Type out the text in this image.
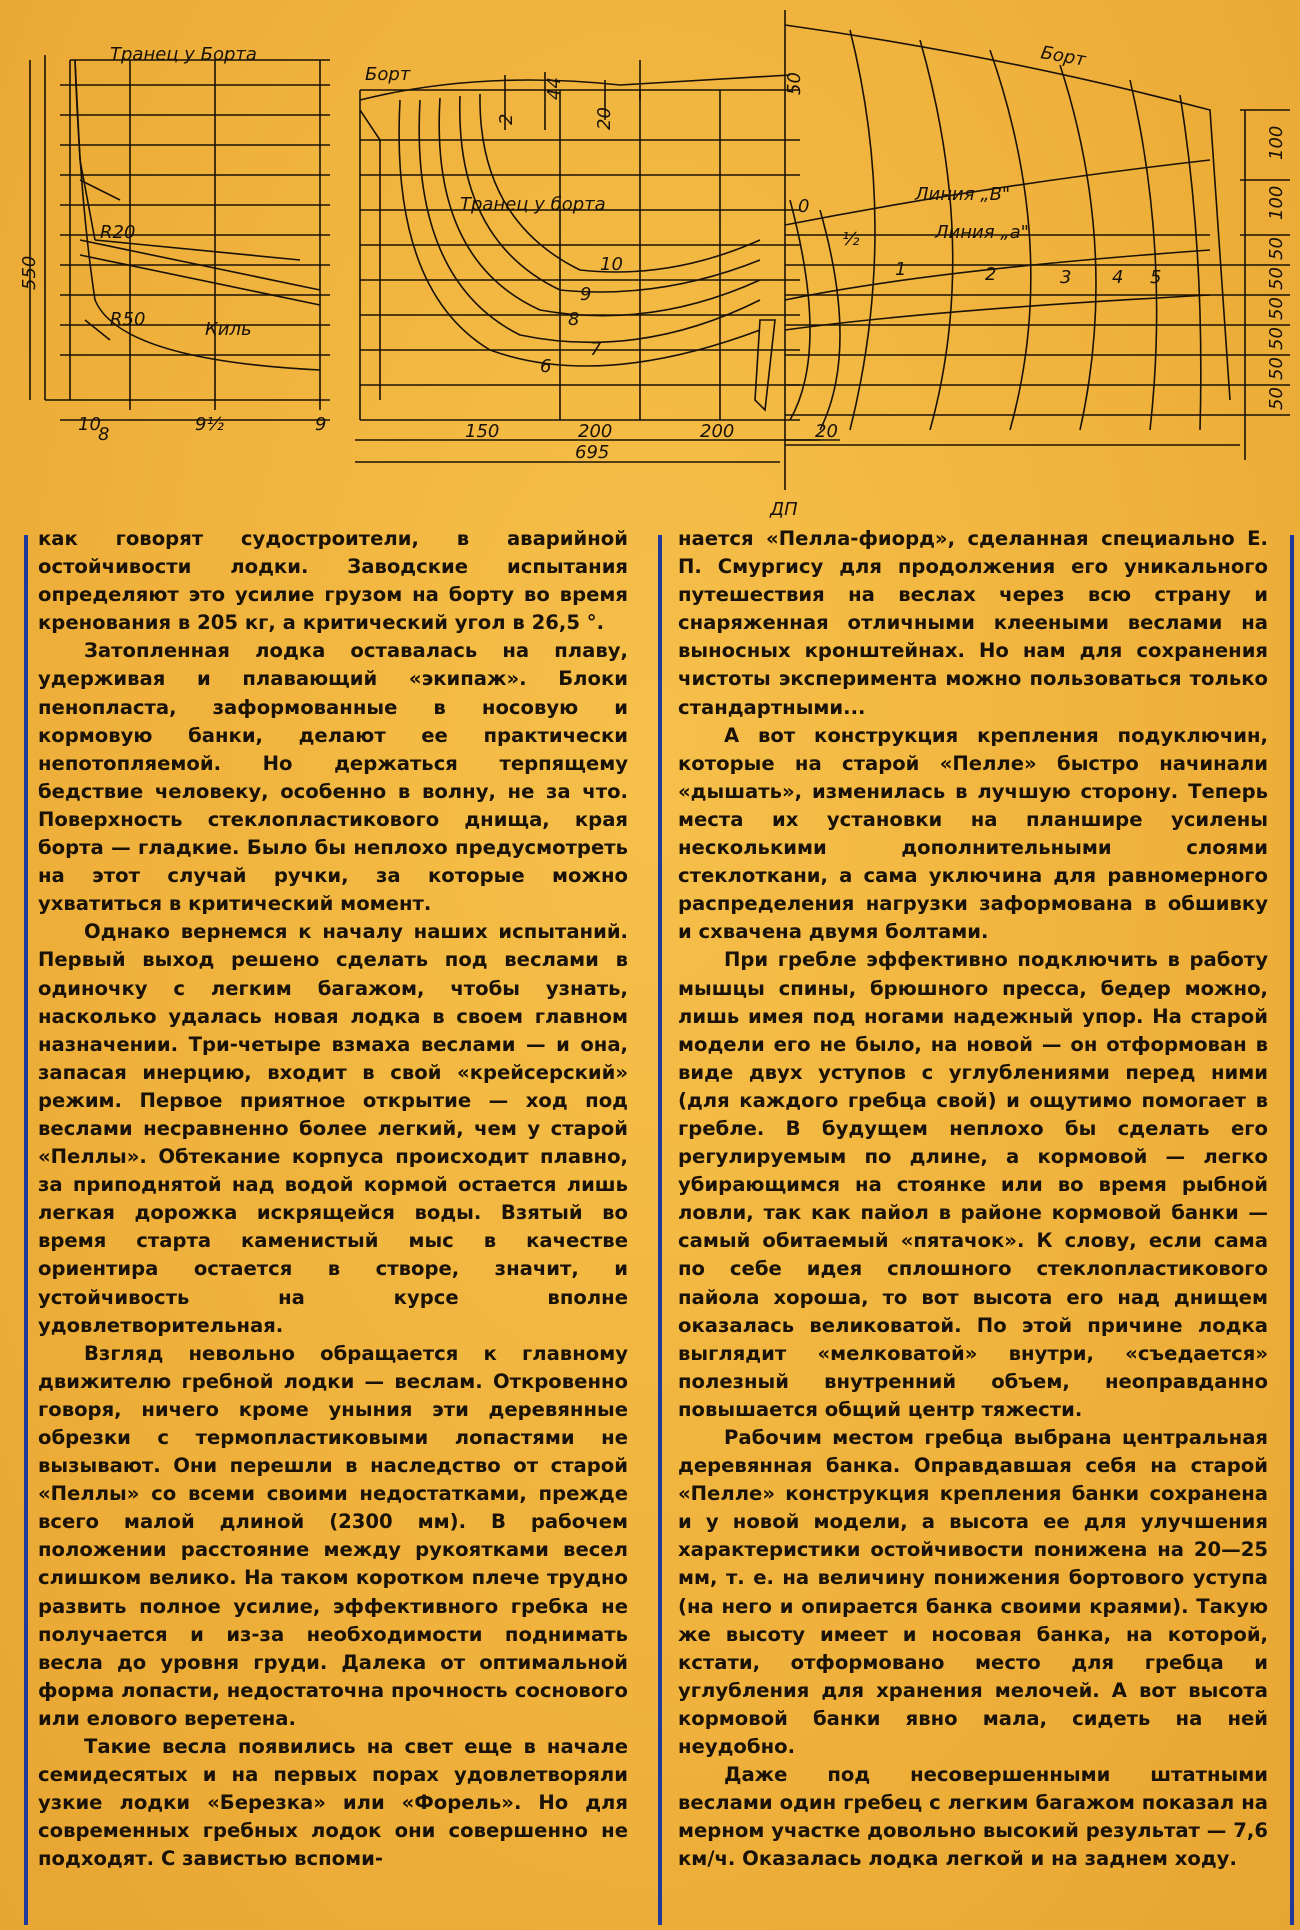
Транец у Борта
Борт
Борт
Транец у борта
Киль
R20
R50
Линия „В"
Линия „а"
ДП
550
10
8	9½	9	150	200	200
695
20
2	20
44	50
100
100
50
50
50
50
50
50
10
9
8
7
6
0
½
1	2	3 4 5

как говорят судостроители, в аварийной остойчивости лодки. Заводские испытания определяют это усилие грузом на борту во время кренования в 205 кг, а критический угол в 26,5 °.

Затопленная лодка оставалась на плаву, удерживая и плавающий «экипаж». Блоки пенопласта, заформованные в носовую и кормовую банки, делают ее практически непотопляемой. Но держаться терпящему бедствие человеку, особенно в волну, не за что. Поверхность стеклопластикового днища, края борта — гладкие. Было бы неплохо предусмотреть на этот случай ручки, за которые можно ухватиться в критический момент.

Однако вернемся к началу наших испытаний. Первый выход решено сделать под веслами в одиночку с легким багажом, чтобы узнать, насколько удалась новая лодка в своем главном назначении. Три-четыре взмаха веслами — и она, запасая инерцию, входит в свой «крейсерский» режим. Первое приятное открытие — ход под веслами несравненно более легкий, чем у старой «Пеллы». Обтекание корпуса происходит плавно, за приподнятой над водой кормой остается лишь легкая дорожка искрящейся воды. Взятый во время старта каменистый мыс в качестве ориентира остается в створе, значит, и устойчивость на курсе вполне удовлетворительная.

Взгляд невольно обращается к главному движителю гребной лодки — веслам. Откровенно говоря, ничего кроме уныния эти деревянные обрезки с термопластиковыми лопастями не вызывают. Они перешли в наследство от старой «Пеллы» со всеми своими недостатками, прежде всего малой длиной (2300 мм). В рабочем положении расстояние между рукоятками весел слишком велико. На таком коротком плече трудно развить полное усилие, эффективного гребка не получается и из-за необходимости поднимать весла до уровня груди. Далека от оптимальной форма лопасти, недостаточна прочность соснового или елового веретена.

Такие весла появились на свет еще в начале семидесятых и на первых порах удовлетворяли узкие лодки «Березка» или «Форель». Но для современных гребных лодок они совершенно не подходят. С завистью вспоми-

нается «Пелла-фиорд», сделанная специально Е. П. Смургису для продолжения его уникального путешествия на веслах через всю страну и снаряженная отличными клееными веслами на выносных кронштейнах. Но нам для сохранения чистоты эксперимента можно пользоваться только стандартными...

А вот конструкция крепления подуключин, которые на старой «Пелле» быстро начинали «дышать», изменилась в лучшую сторону. Теперь места их установки на планшире усилены несколькими дополнительными слоями стеклоткани, а сама уключина для равномерного распределения нагрузки заформована в обшивку и схвачена двумя болтами.

При гребле эффективно подключить в работу мышцы спины, брюшного пресса, бедер можно, лишь имея под ногами надежный упор. На старой модели его не было, на новой — он отформован в виде двух уступов с углублениями перед ними (для каждого гребца свой) и ощутимо помогает в гребле. В будущем неплохо бы сделать его регулируемым по длине, а кормовой — легко убирающимся на стоянке или во время рыбной ловли, так как пайол в районе кормовой банки — самый обитаемый «пятачок». К слову, если сама по себе идея сплошного стеклопластикового пайола хороша, то вот высота его над днищем оказалась великоватой. По этой причине лодка выглядит «мелковатой» внутри, «съедается» полезный внутренний объем, неоправданно повышается общий центр тяжести.

Рабочим местом гребца выбрана центральная деревянная банка. Оправдавшая себя на старой «Пелле» конструкция крепления банки сохранена и у новой модели, а высота ее для улучшения характеристики остойчивости понижена на 20—25 мм, т. е. на величину понижения бортового уступа (на него и опирается банка своими краями). Такую же высоту имеет и носовая банка, на которой, кстати, отформовано место для гребца и углубления для хранения мелочей. А вот высота кормовой банки явно мала, сидеть на ней неудобно.

Даже под несовершенными штатными веслами один гребец с легким багажом показал на мерном участке довольно высокий результат — 7,6 км/ч. Оказалась лодка легкой и на заднем ходу.
